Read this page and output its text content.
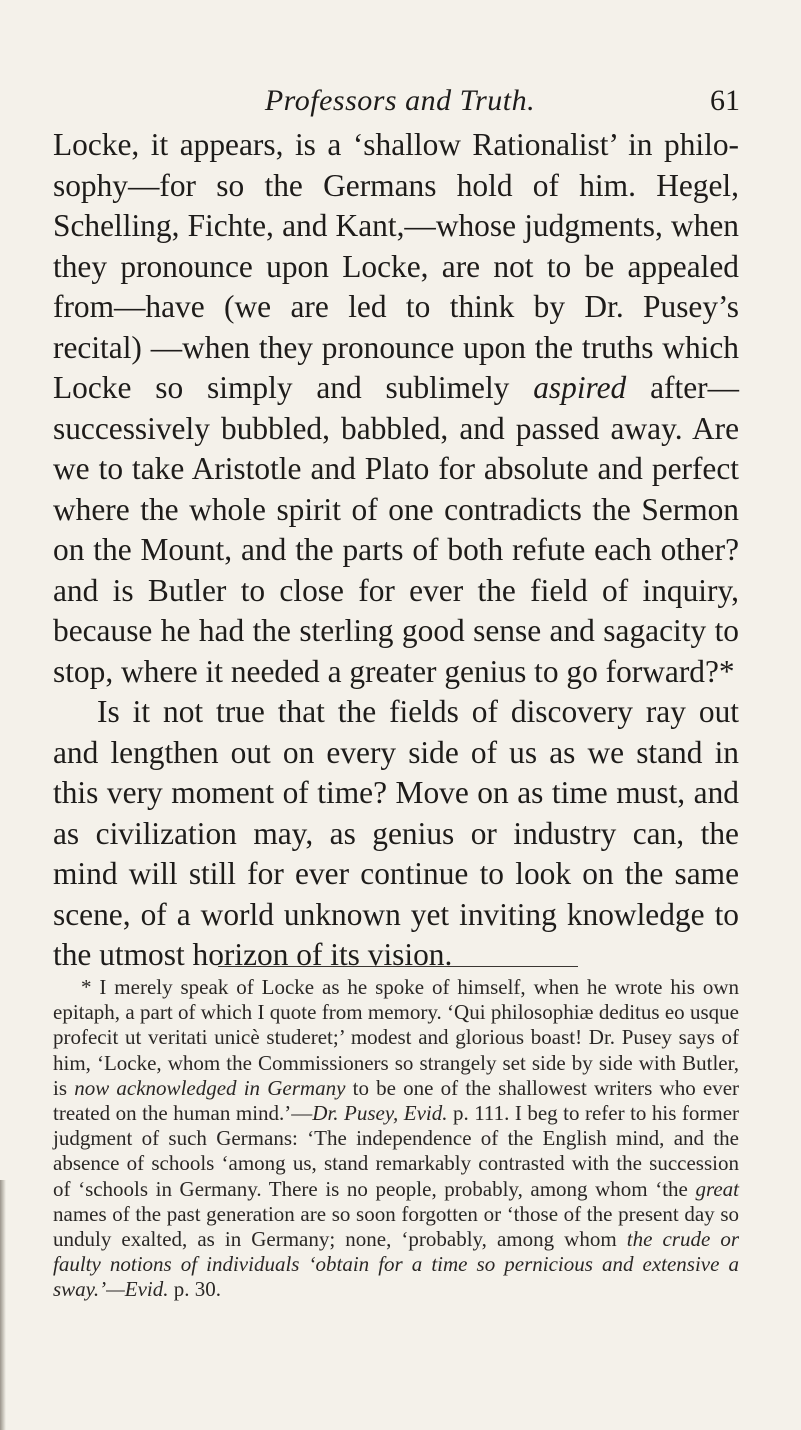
Professors and Truth.	61

Locke, it appears, is a ‘shallow Rationalist’ in philo-sophy—for so the Germans hold of him. Hegel, Schelling, Fichte, and Kant,—whose judgments, when they pronounce upon Locke, are not to be appealed from—have (we are led to think by Dr. Pusey’s recital) —when they pronounce upon the truths which Locke so simply and sublimely aspired after—successively bubbled, babbled, and passed away. Are we to take Aristotle and Plato for absolute and perfect where the whole spirit of one contradicts the Sermon on the Mount, and the parts of both refute each other? and is Butler to close for ever the field of inquiry, because he had the sterling good sense and sagacity to stop, where it needed a greater genius to go forward?*

Is it not true that the fields of discovery ray out and lengthen out on every side of us as we stand in this very moment of time? Move on as time must, and as civilization may, as genius or industry can, the mind will still for ever continue to look on the same scene, of a world unknown yet inviting knowledge to the utmost horizon of its vision.

* I merely speak of Locke as he spoke of himself, when he wrote his own epitaph, a part of which I quote from memory. ‘Qui philosophiæ deditus eo usque profecit ut veritati unicè studeret;’ modest and glorious boast! Dr. Pusey says of him, ‘Locke, whom the Commissioners so strangely set side by side with Butler, is now acknowledged in Germany to be one of the shallowest writers who ever treated on the human mind.’—Dr. Pusey, Evid. p. 111. I beg to refer to his former judgment of such Germans: ‘The independence of the English mind, and the absence of schools ‘among us, stand remarkably contrasted with the succession of ‘schools in Germany. There is no people, probably, among whom ‘the great names of the past generation are so soon forgotten or ‘those of the present day so unduly exalted, as in Germany; none, ‘probably, among whom the crude or faulty notions of individuals ‘obtain for a time so pernicious and extensive a sway.’—Evid. p. 30.
